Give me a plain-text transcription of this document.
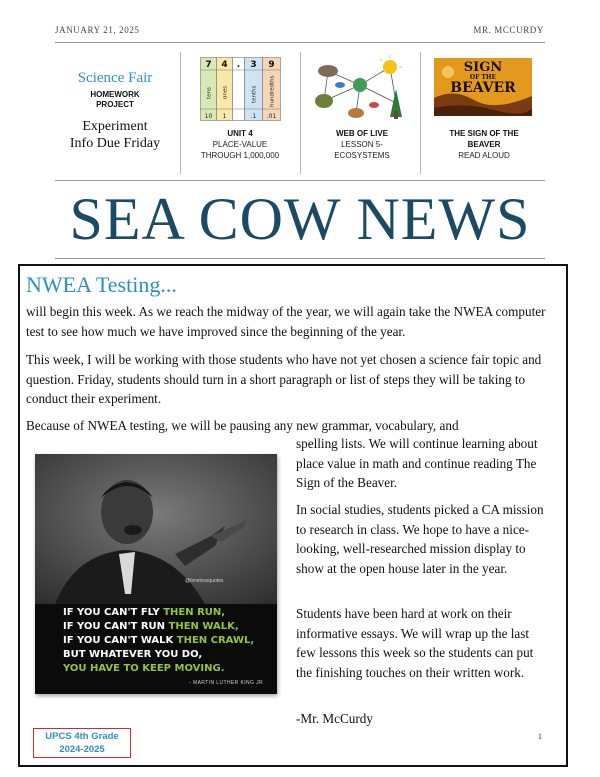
JANUARY 21, 2025	MR. MCCURDY
Science Fair
HOMEWORK
PROJECT
Experiment
Info Due Friday
7 4 . 3 9
tens ones	tenths hundredths
10 1	.1 .01
UNIT 4
PLACE-VALUE
THROUGH 1,000,000
WEB OF LIVE
LESSON 5-
ECOSYSTEMS
SIGN
OF THE
BEAVER
THE SIGN OF THE
BEAVER
READ ALOUD
SEA COW NEWS
NWEA Testing...
will begin this week. As we reach the midway of the year, we will again take the NWEA computer test to see how much we have improved since the beginning of the year.
This week, I will be working with those students who have not yet chosen a science fair topic and question. Friday, students should turn in a short paragraph or list of steps they will be taking to conduct their experiment.
Because of NWEA testing, we will be pausing any new grammar, vocabulary, and
spelling lists. We will continue learning about place value in math and continue reading The Sign of the Beaver.
In social studies, students picked a CA mission to research in class. We hope to have a nice-looking, well-researched mission display to show at the open house later in the year.
Students have been hard at work on their informative essays. We will wrap up the last few lessons this week so the students can put the finishing touches on their written work.
-Mr. McCurdy
@timelessquotes
IF YOU CAN'T FLY THEN RUN,
IF YOU CAN'T RUN THEN WALK,
IF YOU CAN'T WALK THEN CRAWL,
BUT WHATEVER YOU DO,
YOU HAVE TO KEEP MOVING.
- MARTIN LUTHER KING JR
UPCS 4th Grade
2024-2025
1
